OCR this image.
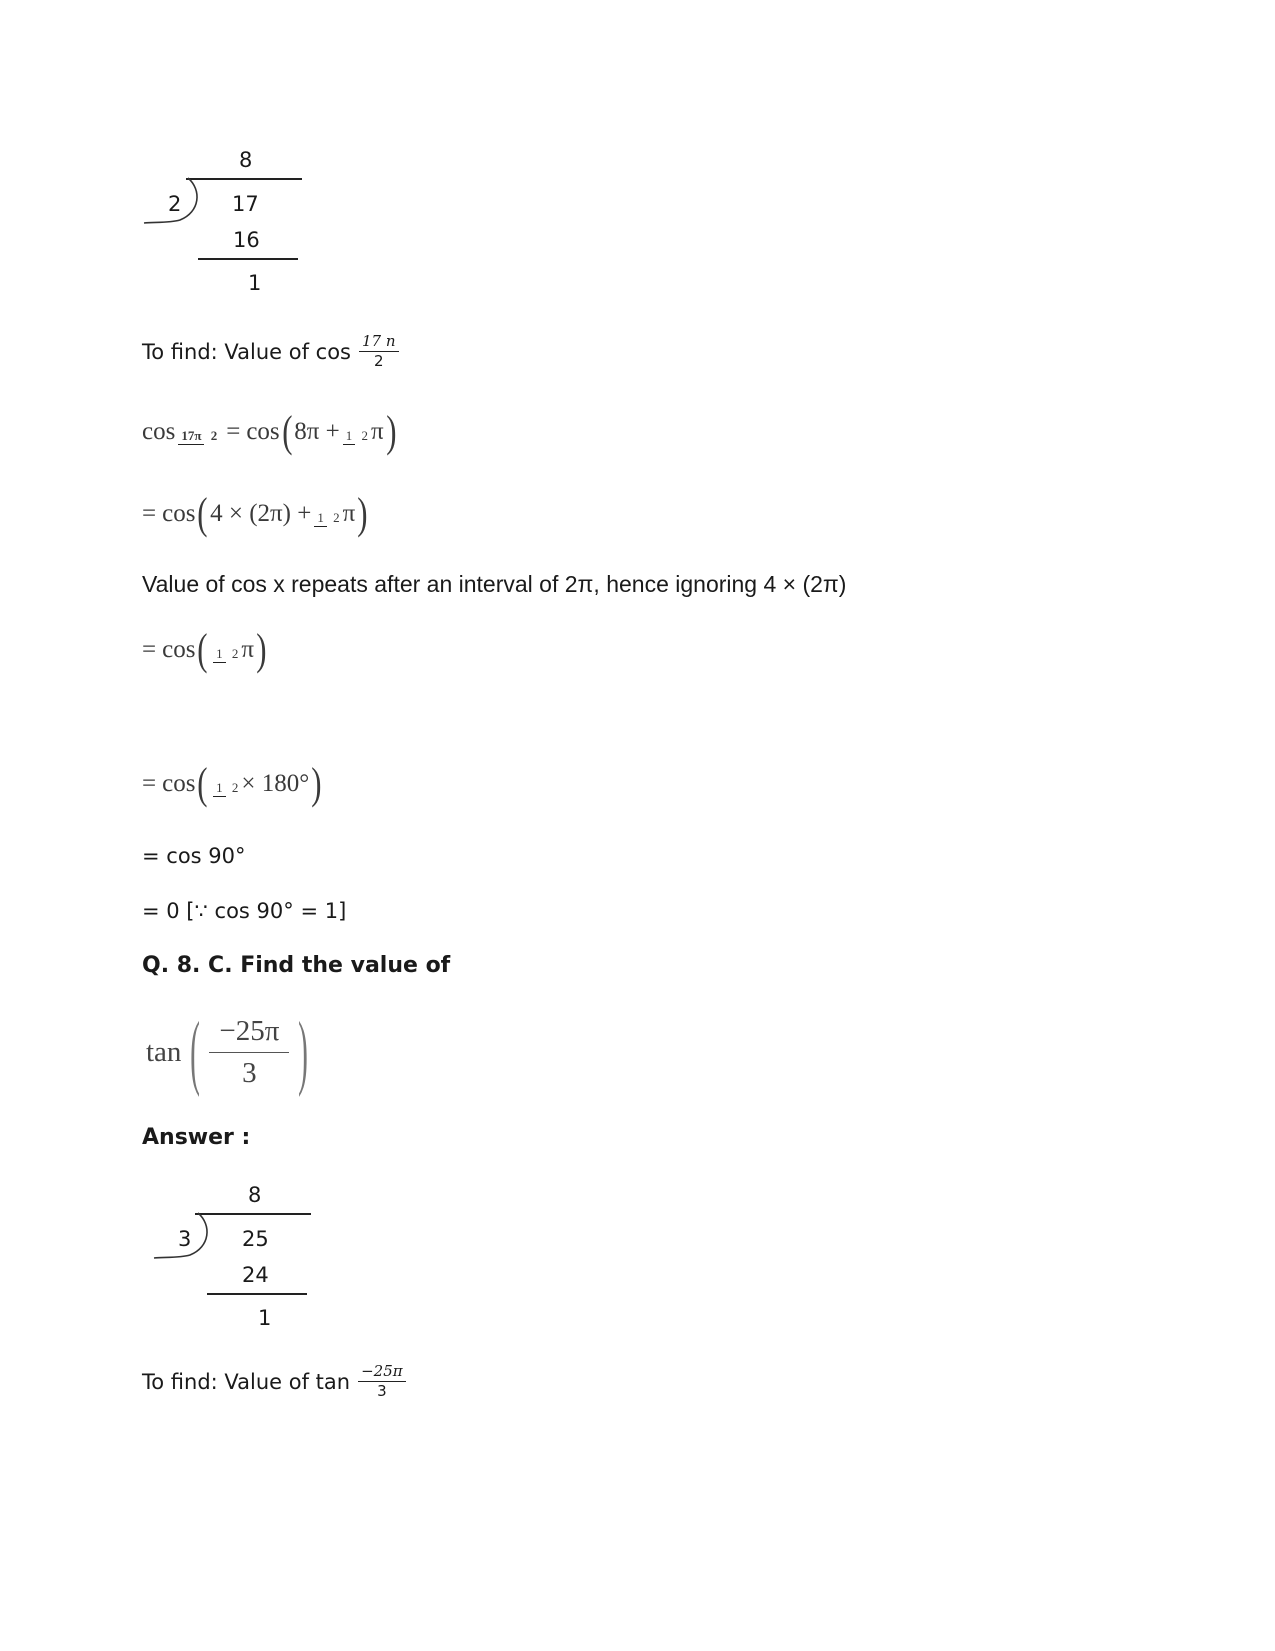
8
2 17
16
1
To find: Value of $\cos \frac{17 n}{2}$
cos 17π 2 = cos ( 8π + 1 2 π )
= cos ( 4 × (2π) + 1 2 π )
Value of cos x repeats after an interval of 2π, hence ignoring 4 × (2π)
= cos ( 1 2 π )
= cos ( 1 2 × 180° )
= cos 90°
= 0 [∵ cos 90° = 1]
Q. 8. C. Find the value of
tan ( $\frac{-25\pi}{3}$ )
Answer :
8
3 25
24
1
To find: Value of $\tan \frac{-25\pi}{3}$
